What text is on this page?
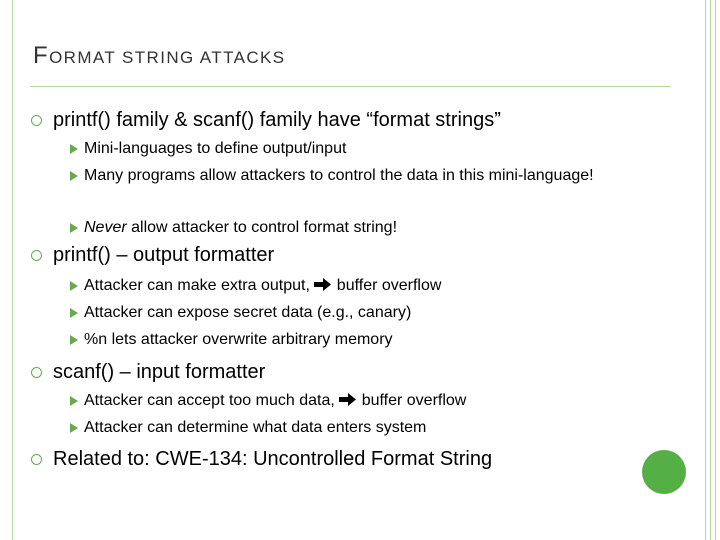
FORMAT STRING ATTACKS
printf() family & scanf() family have “format strings”
Mini-languages to define output/input
Many programs allow attackers to control the data in this mini-language!
Never allow attacker to control format string!
printf() – output formatter
Attacker can make extra output,  buffer overflow
Attacker can expose secret data (e.g., canary)
%n lets attacker overwrite arbitrary memory
scanf() – input formatter
Attacker can accept too much data,  buffer overflow
Attacker can determine what data enters system
Related to: CWE-134: Uncontrolled Format String
